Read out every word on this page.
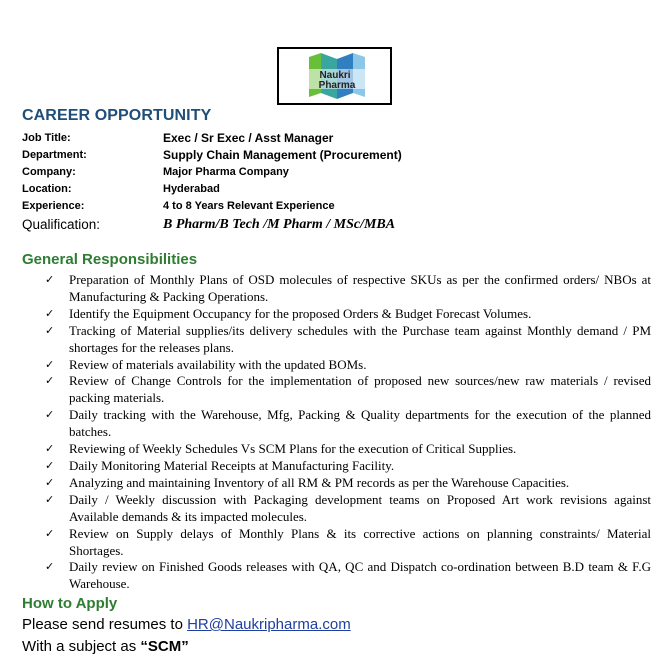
Naukri
Pharma
CAREER OPPORTUNITY
Job Title:	Exec / Sr Exec / Asst Manager
Department:	Supply Chain Management (Procurement)
Company:	Major Pharma Company
Location:	Hyderabad
Experience:	4 to 8 Years Relevant Experience
Qualification:	B Pharm/B Tech /M Pharm / MSc/MBA
General Responsibilities
✓ Preparation of Monthly Plans of OSD molecules of respective SKUs as per the confirmed orders/ NBOs at Manufacturing & Packing Operations.
✓ Identify the Equipment Occupancy for the proposed Orders & Budget Forecast Volumes.
✓ Tracking of Material supplies/its delivery schedules with the Purchase team against Monthly demand / PM shortages for the releases plans.
✓ Review of materials availability with the updated BOMs.
✓ Review of Change Controls for the implementation of proposed new sources/new raw materials / revised packing materials.
✓ Daily tracking with the Warehouse, Mfg, Packing & Quality departments for the execution of the planned batches.
✓ Reviewing of Weekly Schedules Vs SCM Plans for the execution of Critical Supplies.
✓ Daily Monitoring Material Receipts at Manufacturing Facility.
✓ Analyzing and maintaining Inventory of all RM & PM records as per the Warehouse Capacities.
✓ Daily / Weekly discussion with Packaging development teams on Proposed Art work revisions against Available demands & its impacted molecules.
✓ Review on Supply delays of Monthly Plans & its corrective actions on planning constraints/ Material Shortages.
✓ Daily review on Finished Goods releases with QA, QC and Dispatch co-ordination between B.D team & F.G Warehouse.
How to Apply
Please send resumes to HR@Naukripharma.com
With a subject as “SCM”
